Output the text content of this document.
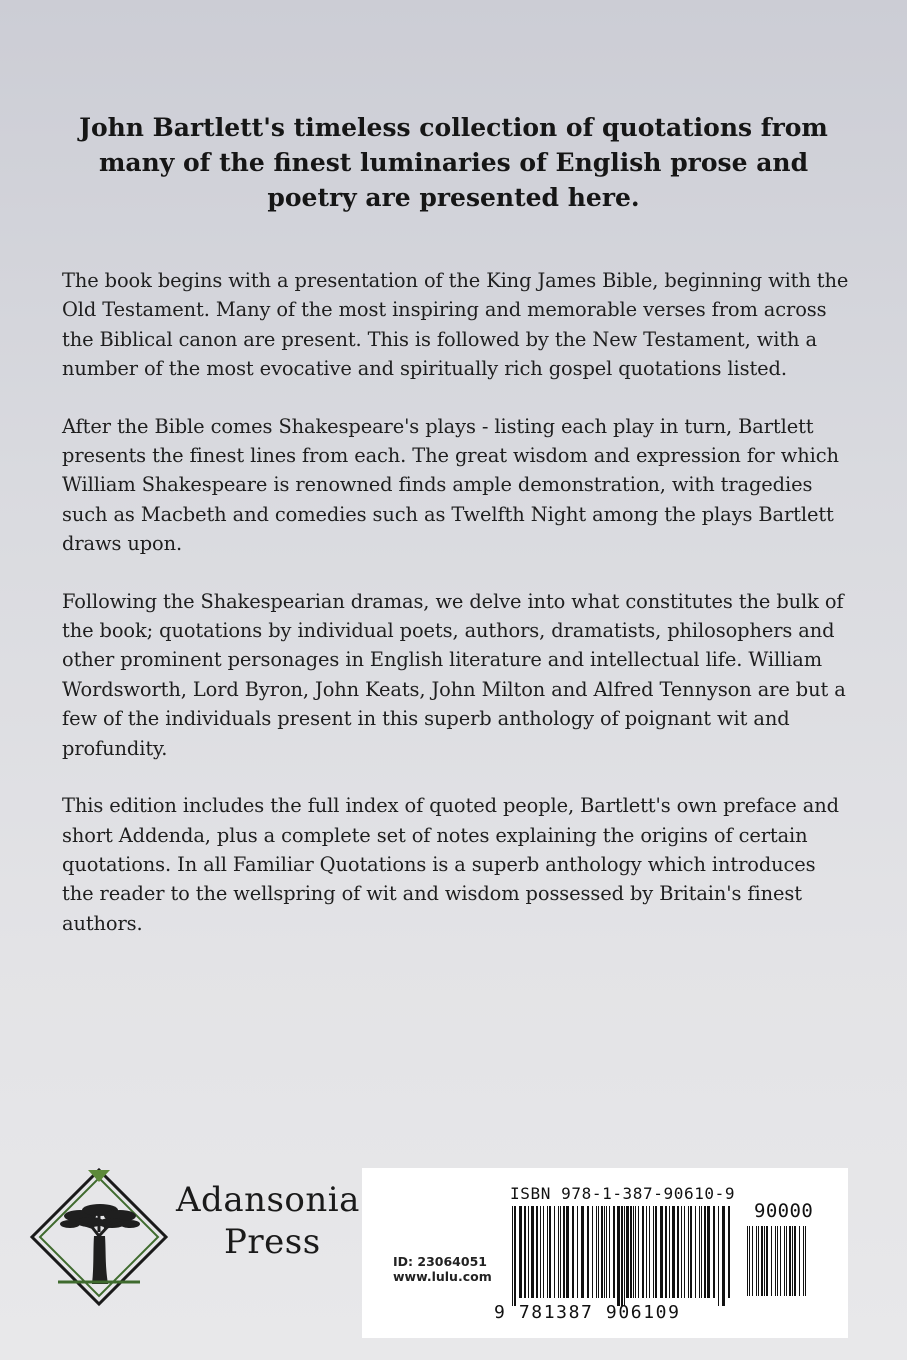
John Bartlett's timeless collection of quotations from many of the finest luminaries of English prose and poetry are presented here.

The book begins with a presentation of the King James Bible, beginning with the Old Testament. Many of the most inspiring and memorable verses from across the Biblical canon are present. This is followed by the New Testament, with a number of the most evocative and spiritually rich gospel quotations listed.

After the Bible comes Shakespeare's plays - listing each play in turn, Bartlett presents the finest lines from each. The great wisdom and expression for which William Shakespeare is renowned finds ample demonstration, with tragedies such as Macbeth and comedies such as Twelfth Night among the plays Bartlett draws upon.

Following the Shakespearian dramas, we delve into what constitutes the bulk of the book; quotations by individual poets, authors, dramatists, philosophers and other prominent personages in English literature and intellectual life. William Wordsworth, Lord Byron, John Keats, John Milton and Alfred Tennyson are but a few of the individuals present in this superb anthology of poignant wit and profundity.

This edition includes the full index of quoted people, Bartlett's own preface and short Addenda, plus a complete set of notes explaining the origins of certain quotations. In all Familiar Quotations is a superb anthology which introduces the reader to the wellspring of wit and wisdom possessed by Britain's finest authors.

Adansonia
Press
ISBN 978-1-387-90610-9
90000
ID: 23064051
www.lulu.com
9 781387 906109
